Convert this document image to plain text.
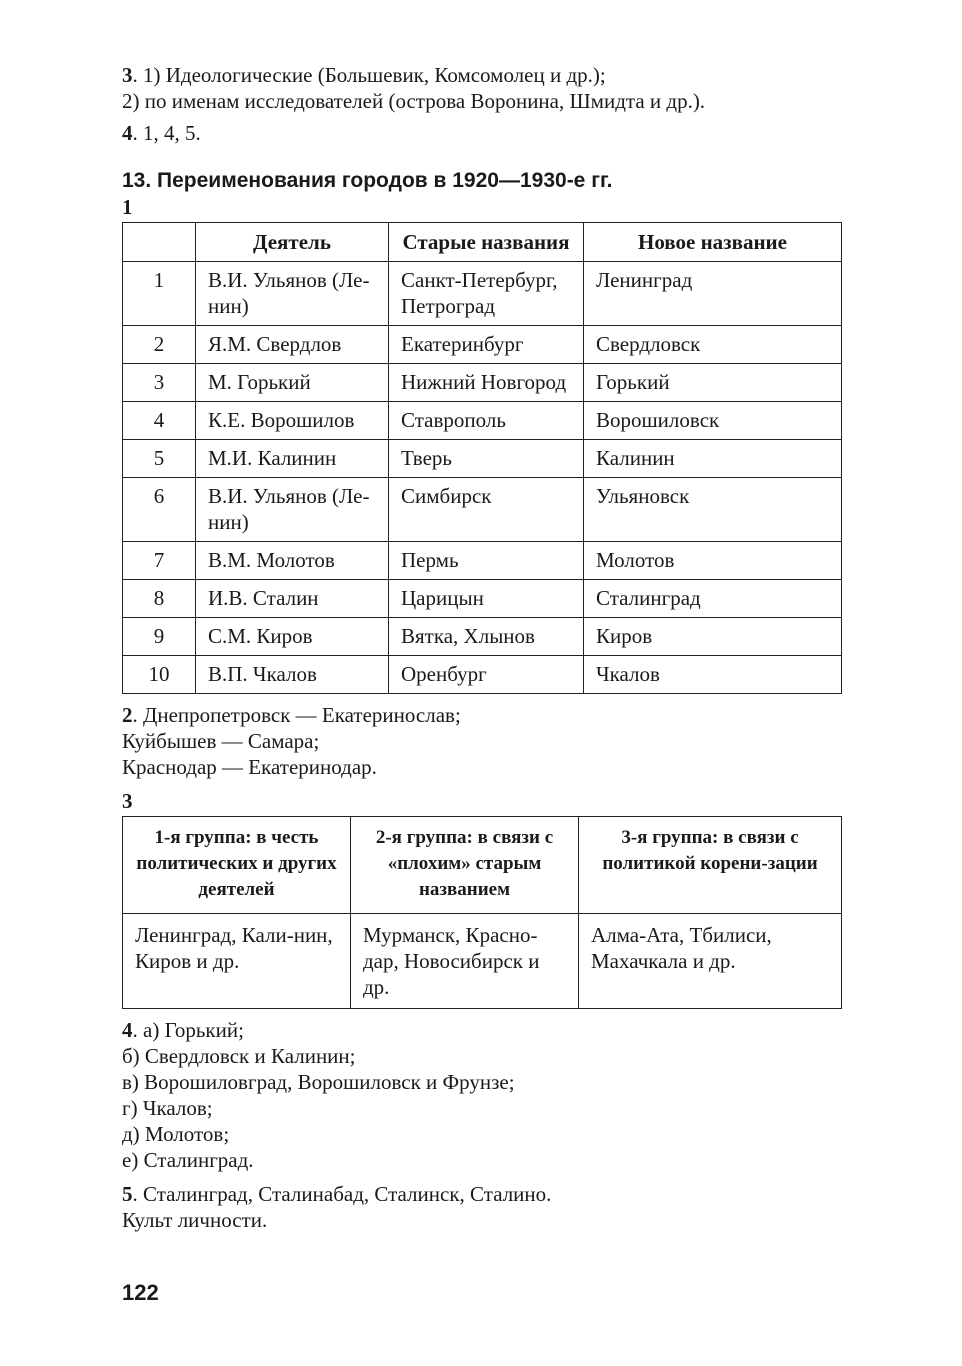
3. 1) Идеологические (Большевик, Комсомолец и др.);
2) по именам исследователей (острова Воронина, Шмидта и др.).
4. 1, 4, 5.
13. Переименования городов в 1920—1930-е гг.
1
	Деятель	Старые названия	Новое название
1	В.И. Ульянов (Ле-нин)	Санкт-Петербург, Петроград	Ленинград
2	Я.М. Свердлов	Екатеринбург	Свердловск
3	М. Горький	Нижний Новгород	Горький
4	К.Е. Ворошилов	Ставрополь	Ворошиловск
5	М.И. Калинин	Тверь	Калинин
6	В.И. Ульянов (Ле-нин)	Симбирск	Ульяновск
7	В.М. Молотов	Пермь	Молотов
8	И.В. Сталин	Царицын	Сталинград
9	С.М. Киров	Вятка, Хлынов	Киров
10	В.П. Чкалов	Оренбург	Чкалов
2. Днепропетровск — Екатеринослав;
Куйбышев — Самара;
Краснодар — Екатеринодар.
3
1-я группа: в честь политических и других деятелей	2-я группа: в связи с «плохим» старым названием	3-я группа: в связи с политикой корени-зации
Ленинград, Кали-нин, Киров и др.	Мурманск, Красно-дар, Новосибирск и др.	Алма-Ата, Тбилиси, Махачкала и др.
4. а) Горький;
б) Свердловск и Калинин;
в) Ворошиловград, Ворошиловск и Фрунзе;
г) Чкалов;
д) Молотов;
е) Сталинград.
5. Сталинград, Сталинабад, Сталинск, Сталино.
Культ личности.
122
